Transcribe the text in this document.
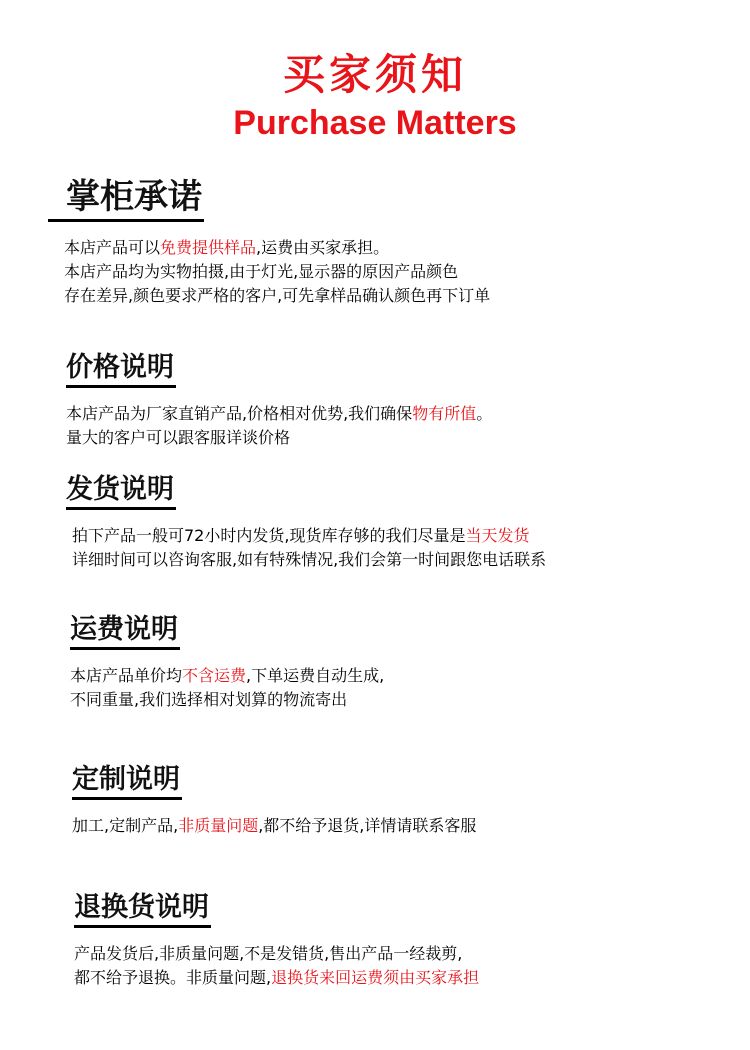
买家须知
Purchase Matters
掌柜承诺
本店产品可以免费提供样品,运费由买家承担。
本店产品均为实物拍摄,由于灯光,显示器的原因产品颜色
存在差异,颜色要求严格的客户,可先拿样品确认颜色再下订单
价格说明
本店产品为厂家直销产品,价格相对优势,我们确保物有所值。
量大的客户可以跟客服详谈价格
发货说明
拍下产品一般可72小时内发货,现货库存够的我们尽量是当天发货
详细时间可以咨询客服,如有特殊情况,我们会第一时间跟您电话联系
运费说明
本店产品单价均不含运费,下单运费自动生成,
不同重量,我们选择相对划算的物流寄出
定制说明
加工,定制产品,非质量问题,都不给予退货,详情请联系客服
退换货说明
产品发货后,非质量问题,不是发错货,售出产品一经裁剪,
都不给予退换。非质量问题,退换货来回运费须由买家承担
